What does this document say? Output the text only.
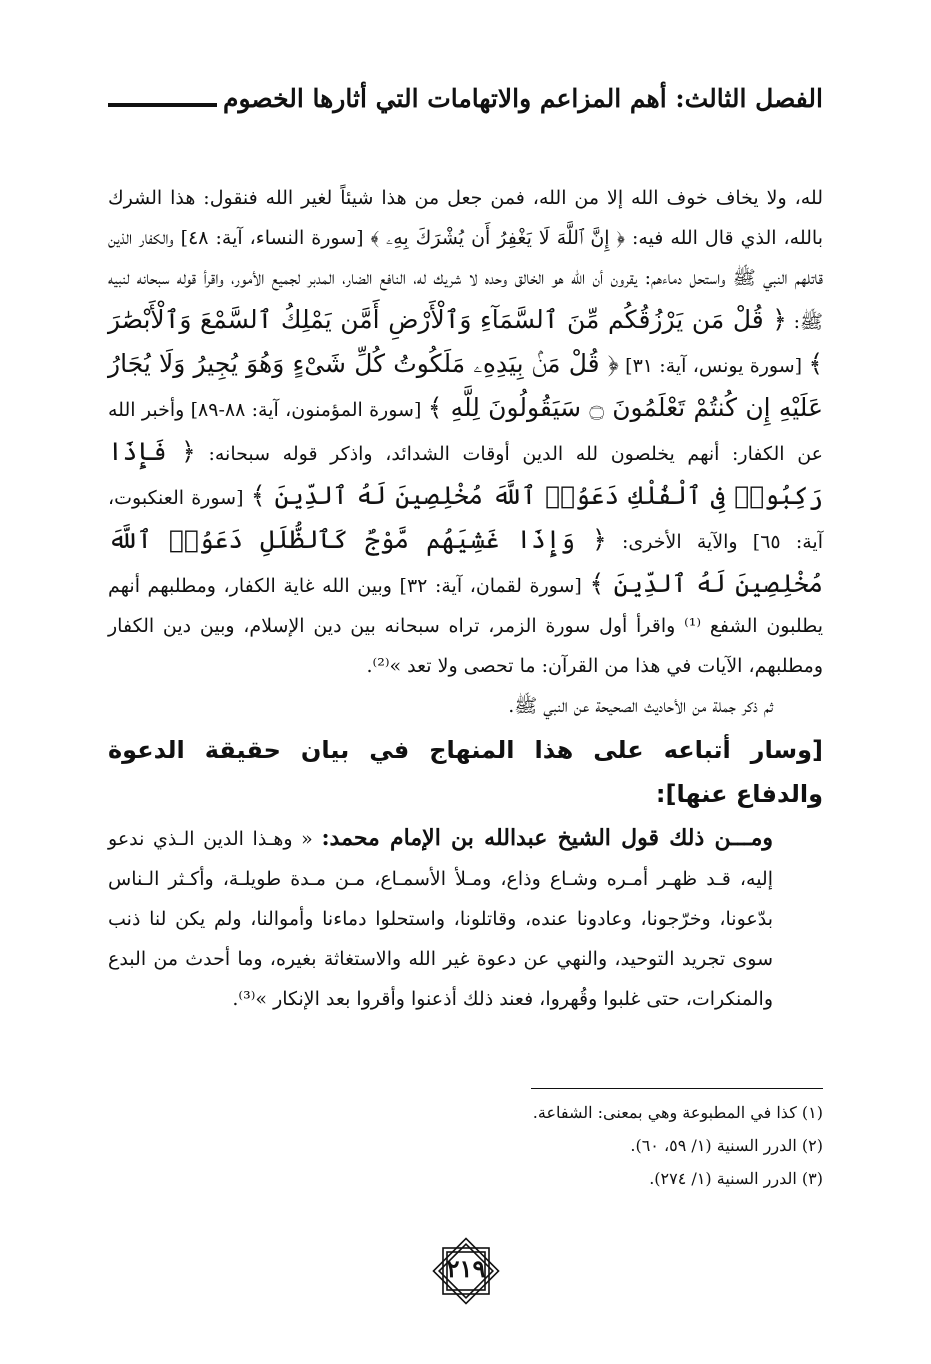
الفصل الثالث: أهم المزاعم والاتهامات التي أثارها الخصوم

لله، ولا يخاف خوف الله إلا من الله، فمن جعل من هذا شيئاً لغير الله فنقول: هذا الشرك بالله، الذي قال الله فيه: ﴿ إِنَّ ٱللَّهَ لَا يَغْفِرُ أَن يُشْرَكَ بِهِۦ ﴾ [سورة النساء، آية: ٤٨] والكفار الذين قاتلهم النبي ﷺ واستحل دماءهم: يقرون أن الله هو الخالق وحده لا شريك له، النافع الضار، المدبر لجميع الأمور، واقرأ قوله سبحانه لنبيه ﷺ: ﴿ قُلْ مَن يَرْزُقُكُم مِّنَ ٱلسَّمَآءِ وَٱلْأَرْضِ أَمَّن يَمْلِكُ ٱلسَّمْعَ وَٱلْأَبْصَٰرَ ﴾ [سورة يونس، آية: ٣١] ﴿ قُلْ مَنۢ بِيَدِهِۦ مَلَكُوتُ كُلِّ شَىْءٍ وَهُوَ يُجِيرُ وَلَا يُجَارُ عَلَيْهِ إِن كُنتُمْ تَعْلَمُونَ ۝ سَيَقُولُونَ لِلَّهِ ﴾ [سورة المؤمنون، آية: ٨٨-٨٩] وأخبر الله عن الكفار: أنهم يخلصون لله الدين أوقات الشدائد، واذكر قوله سبحانه: ﴿ فَإِذَا رَكِبُوا۟ فِى ٱلْفُلْكِ دَعَوُا۟ ٱللَّهَ مُخْلِصِينَ لَهُ ٱلدِّينَ ﴾ [سورة العنكبوت، آية: ٦٥] والآية الأخرى: ﴿ وَإِذَا غَشِيَهُم مَّوْجٌ كَٱلظُّلَلِ دَعَوُا۟ ٱللَّهَ مُخْلِصِينَ لَهُ ٱلدِّينَ ﴾ [سورة لقمان، آية: ٣٢] وبين الله غاية الكفار، ومطلبهم أنهم يطلبون الشفع ⁽¹⁾ واقرأ أول سورة الزمر، تراه سبحانه بين دين الإسلام، وبين دين الكفار ومطلبهم، الآيات في هذا من القرآن: ما تحصى ولا تعد »⁽²⁾.

ثم ذكر جملة من الأحاديث الصحيحة عن النبي ﷺ.

[وسار أتباعه على هذا المنهاج في بيان حقيقة الدعوة والدفاع عنها]:

ومـــن ذلك قول الشيخ عبدالله بن الإمام محمد: « وهـذا الدين الـذي ندعو إليه، قـد ظهـر أمـره وشـاع وذاع، ومـلأ الأسمـاع، مـن مـدة طويلـة، وأكـثر الـناس بدّعونا، وخرّجونا، وعادونا عنده، وقاتلونا، واستحلوا دماءنا وأموالنا، ولم يكن لنا ذنب سوى تجريد التوحيد، والنهي عن دعوة غير الله والاستغاثة بغيره، وما أحدث من البدع والمنكرات، حتى غلبوا وقُهروا، فعند ذلك أذعنوا وأقروا بعد الإنكار »⁽³⁾.

(١) كذا في المطبوعة وهي بمعنى: الشفاعة.
(٢) الدرر السنية (١/ ٥٩، ٦٠).
(٣) الدرر السنية (١/ ٢٧٤).
٢١٩
